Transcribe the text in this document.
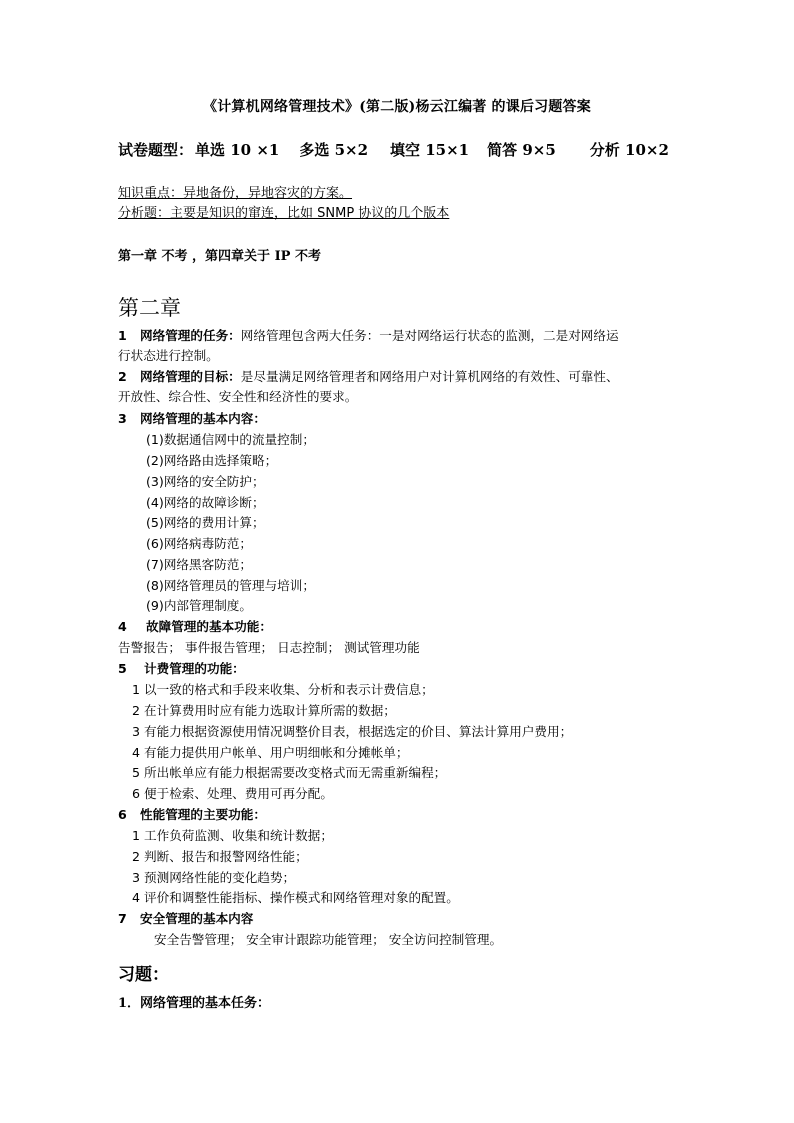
《计算机网络管理技术》(第二版)杨云江编著 的课后习题答案
试卷题型： 单选 10 ×1 多选 5×2 填空 15×1 简答 9×5 分析 10×2
知识重点：异地备份，异地容灾的方案。
分析题：主要是知识的窜连，比如 SNMP 协议的几个版本
第一章 不考 ，第四章关于 IP 不考
第二章
1 网络管理的任务：网络管理包含两大任务：一是对网络运行状态的监测，二是对网络运
行状态进行控制。
2 网络管理的目标：是尽量满足网络管理者和网络用户对计算机网络的有效性、可靠性、
开放性、综合性、安全性和经济性的要求。
3 网络管理的基本内容：
(1)数据通信网中的流量控制；
(2)网络路由选择策略；
(3)网络的安全防护；
(4)网络的故障诊断；
(5)网络的费用计算；
(6)网络病毒防范；
(7)网络黑客防范；
(8)网络管理员的管理与培训；
(9)内部管理制度。
4 故障管理的基本功能：
告警报告； 事件报告管理； 日志控制； 测试管理功能
5 计费管理的功能：
1 以一致的格式和手段来收集、分析和表示计费信息；
2 在计算费用时应有能力选取计算所需的数据；
3 有能力根据资源使用情况调整价目表，根据选定的价目、算法计算用户费用；
4 有能力提供用户帐单、用户明细帐和分摊帐单；
5 所出帐单应有能力根据需要改变格式而无需重新编程；
6 便于检索、处理、费用可再分配。
6 性能管理的主要功能：
1 工作负荷监测、收集和统计数据；
2 判断、报告和报警网络性能；
3 预测网络性能的变化趋势；
4 评价和调整性能指标、操作模式和网络管理对象的配置。
7 安全管理的基本内容
安全告警管理； 安全审计跟踪功能管理； 安全访问控制管理。
习题：
1．网络管理的基本任务：
